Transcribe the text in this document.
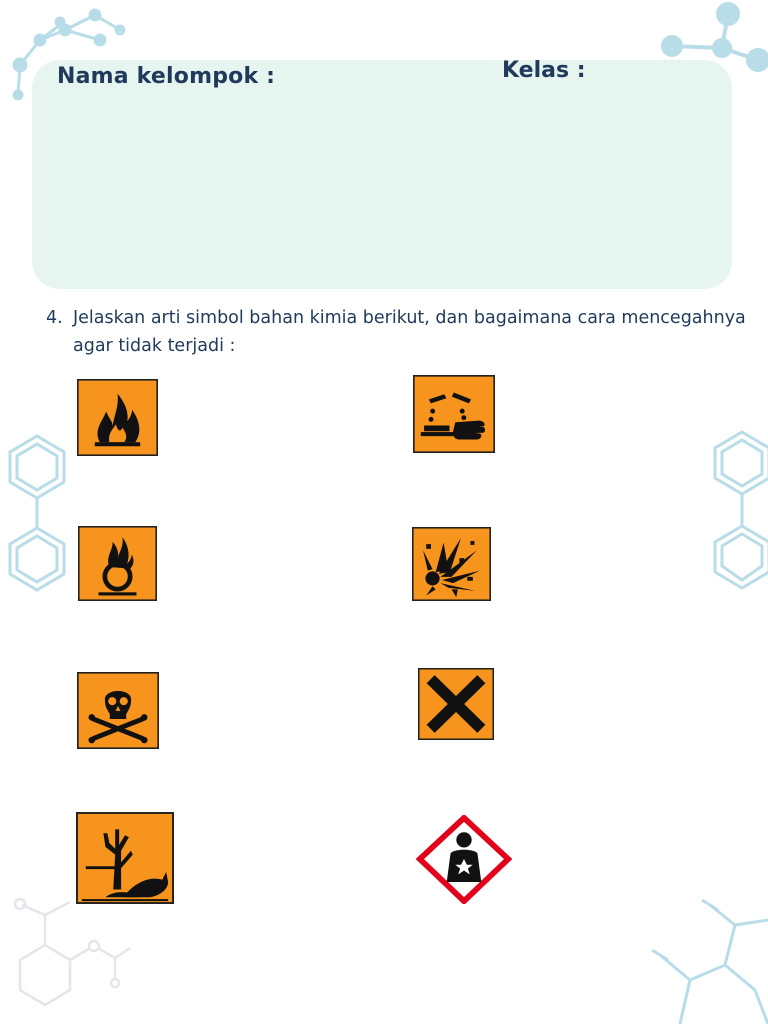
Nama kelompok :	Kelas :
4. Jelaskan arti simbol bahan kimia berikut, dan bagaimana cara mencegahnya agar tidak terjadi :
